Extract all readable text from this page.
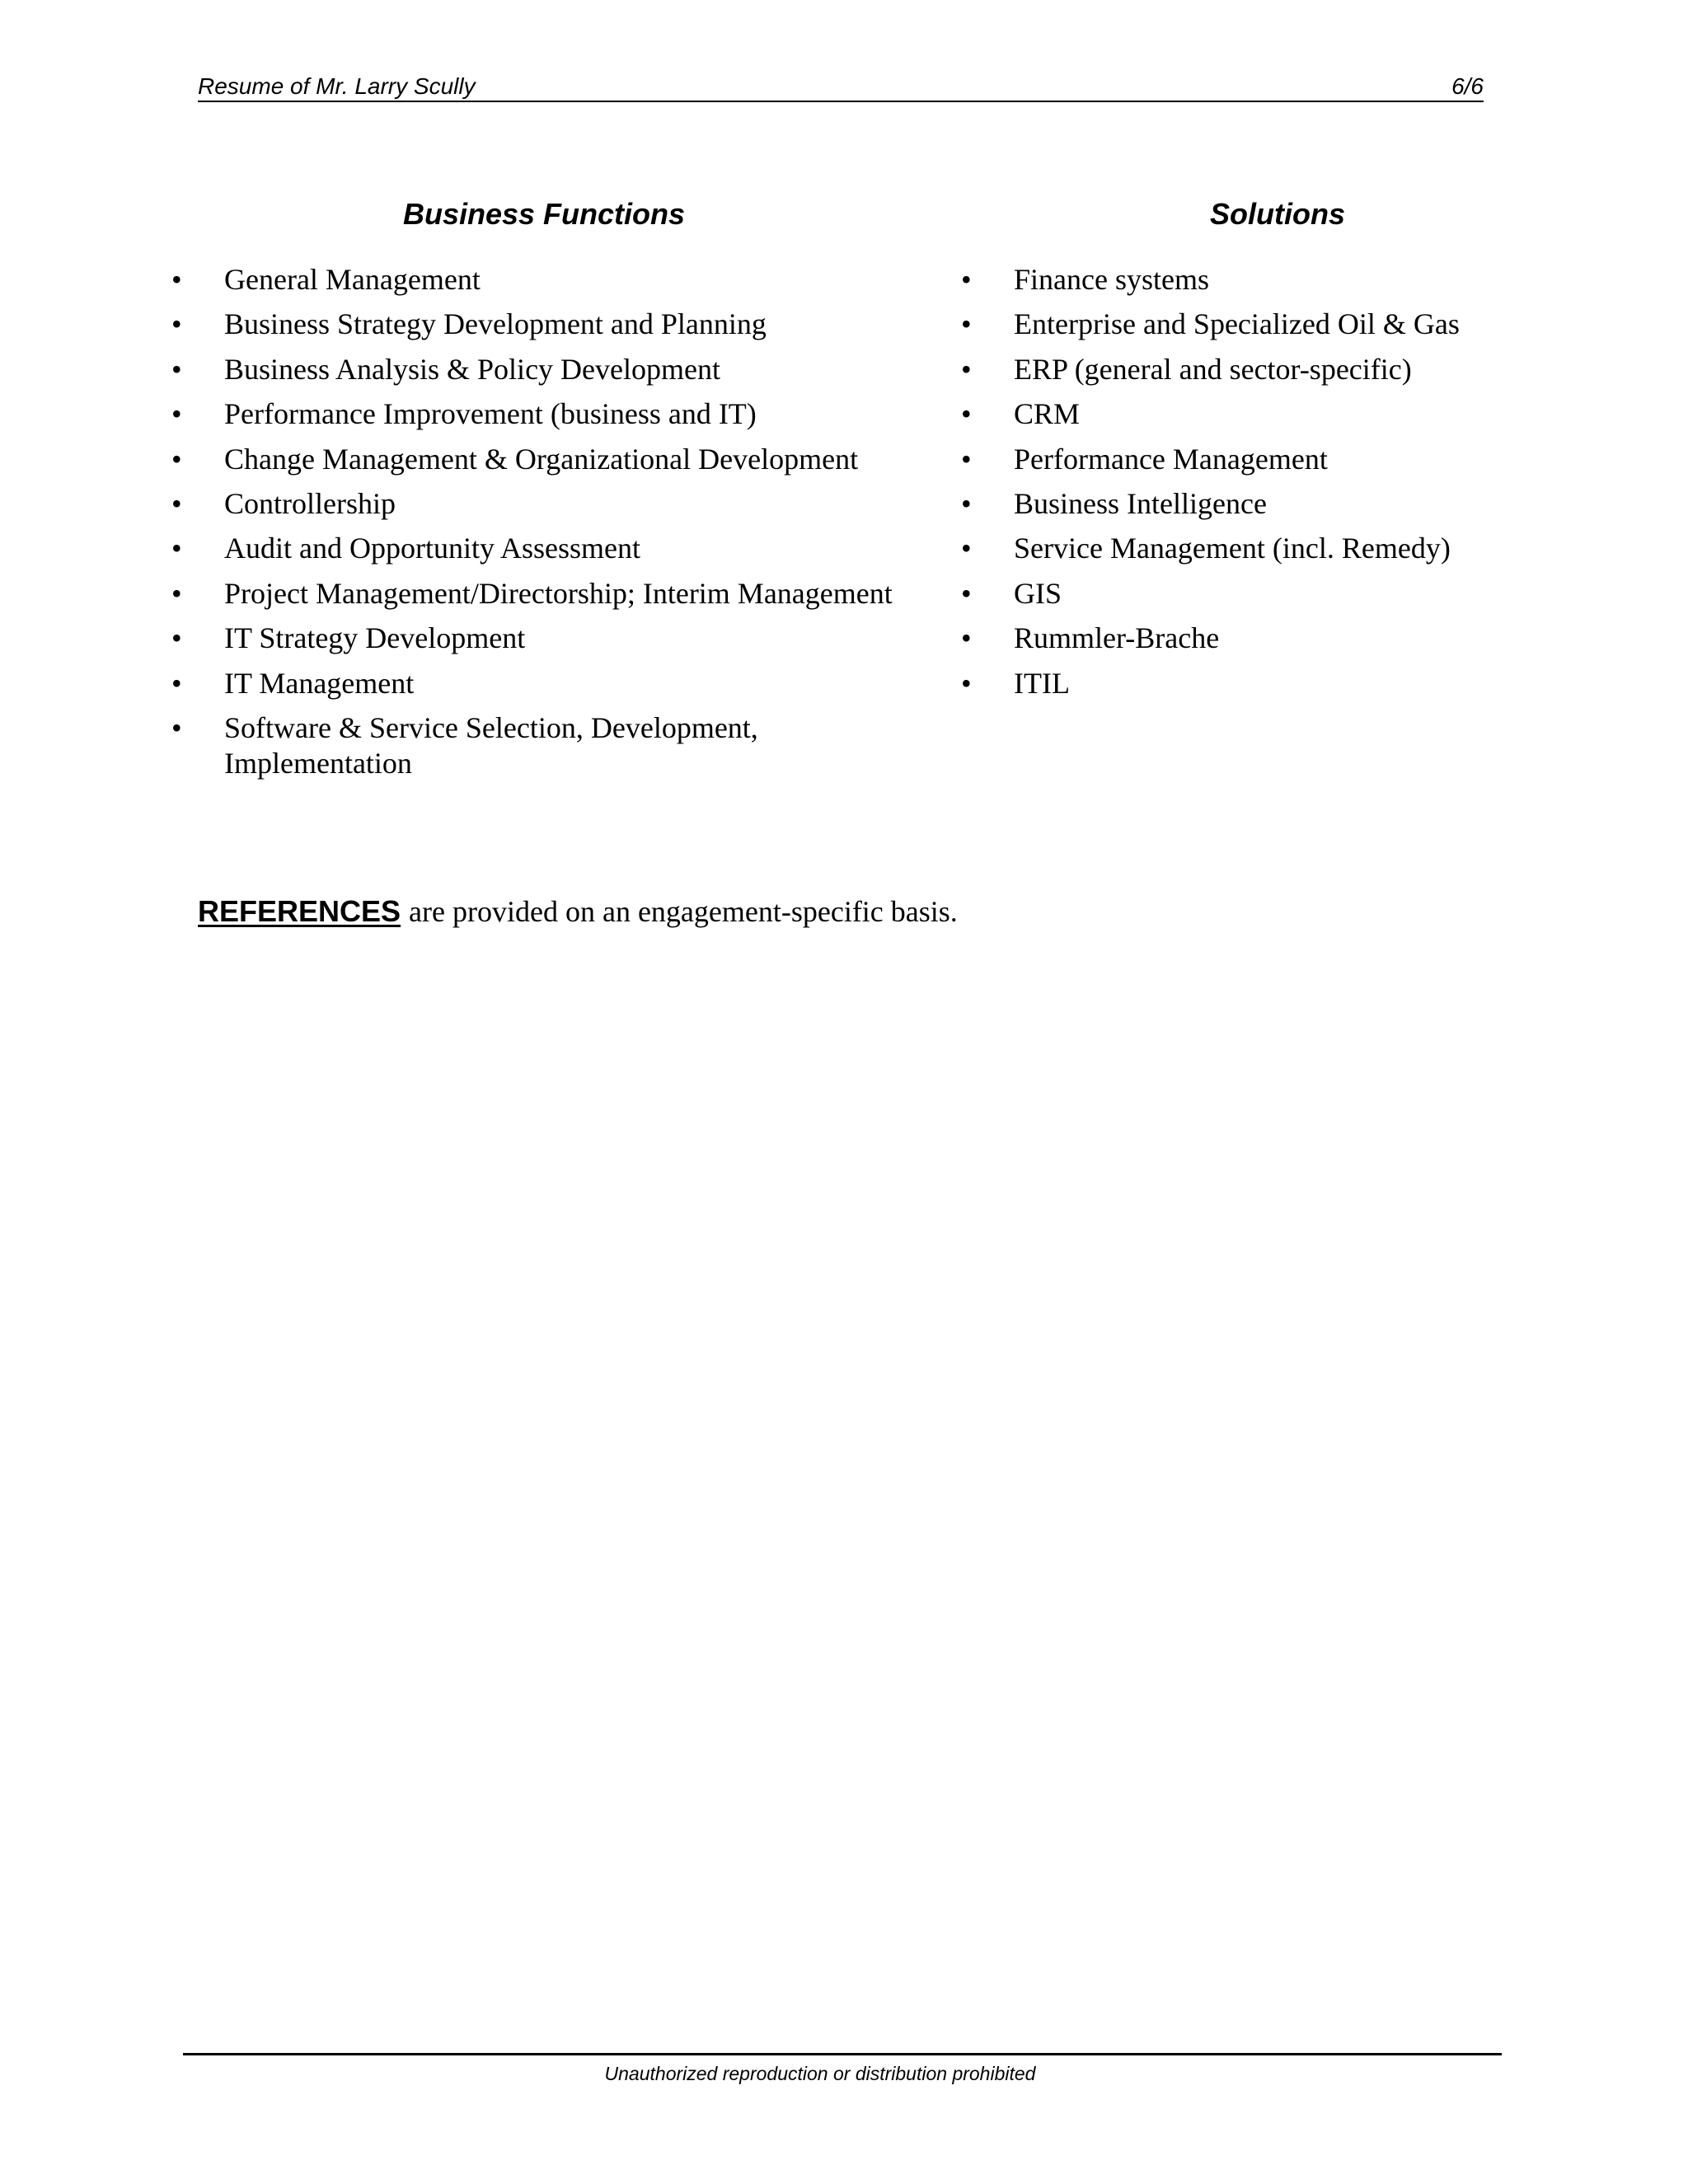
Resume of Mr. Larry Scully	6/6
Business Functions	Solutions
• General Management
• Business Strategy Development and Planning
• Business Analysis & Policy Development
• Performance Improvement (business and IT)
• Change Management & Organizational Development
• Controllership
• Audit and Opportunity Assessment
• Project Management/Directorship; Interim Management
• IT Strategy Development
• IT Management
• Software & Service Selection, Development, Implementation
• Finance systems
• Enterprise and Specialized Oil & Gas
• ERP (general and sector-specific)
• CRM
• Performance Management
• Business Intelligence
• Service Management (incl. Remedy)
• GIS
• Rummler-Brache
• ITIL
REFERENCES are provided on an engagement-specific basis.
Unauthorized reproduction or distribution prohibited
